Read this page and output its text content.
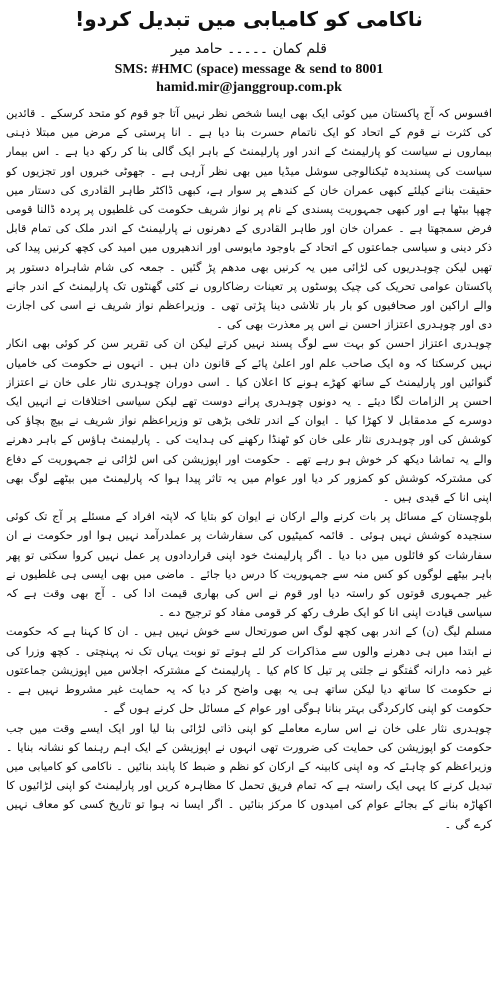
ناکامی کو کامیابی میں تبدیل کردو!
قلم کمان ۔۔۔۔۔ حامد میر
SMS: #HMC (space) message & send to 8001
hamid.mir@janggroup.com.pk

افسوس کہ آج پاکستان میں کوئی ایک بھی ایسا شخص نظر نہیں آتا جو قوم کو متحد کرسکے ۔ قائدین کی کثرت نے قوم کے اتحاد کو ایک ناتمام حسرت بنا دیا ہے ۔ انا پرستی کے مرض میں مبتلا ذہنی بیماروں نے سیاست کو پارلیمنٹ کے اندر اور پارلیمنٹ کے باہر ایک گالی بنا کر رکھ دیا ہے ۔ اس بیمار سیاست کی پسندیدہ ٹیکنالوجی سوشل میڈیا میں بھی نظر آرہی ہے ۔ جھوٹی خبروں اور تجزیوں کو حقیقت بنانے کیلئے کبھی عمران خان کے کندھے پر سوار ہے، کبھی ڈاکٹر طاہر القادری کی دستار میں چھپا بیٹھا ہے اور کبھی جمہوریت پسندی کے نام پر نواز شریف حکومت کی غلطیوں پر پردہ ڈالنا قومی فرض سمجھتا ہے ۔ عمران خان اور طاہر القادری کے دھرنوں نے پارلیمنٹ کے اندر ملک کی تمام قابل ذکر دینی و سیاسی جماعتوں کے اتحاد کے باوجود مایوسی اور اندھیروں میں امید کی کچھ کرنیں پیدا کی تھیں لیکن چوہدریوں کی لڑائی میں یہ کرنیں بھی مدھم پڑ گئیں ۔ جمعہ کی شام شاہراہ دستور پر پاکستان عوامی تحریک کی چیک پوسٹوں پر تعینات رضاکاروں نے کئی گھنٹوں تک پارلیمنٹ کے اندر جانے والے اراکین اور صحافیوں کو بار بار تلاشی دینا پڑتی تھی ۔ وزیراعظم نواز شریف نے اسی کی اجازت دی اور چوہدری اعتزاز احسن نے اس پر معذرت بھی کی ۔

چوہدری اعتزاز احسن کو بہت سے لوگ پسند نہیں کرتے لیکن ان کی تقریر سن کر کوئی بھی انکار نہیں کرسکتا کہ وہ ایک صاحب علم اور اعلیٰ پائے کے قانون دان ہیں ۔ انہوں نے حکومت کی خامیاں گنوائیں اور پارلیمنٹ کے ساتھ کھڑے ہونے کا اعلان کیا ۔ اسی دوران چوہدری نثار علی خان نے اعتزاز احسن پر الزامات لگا دیئے ۔ یہ دونوں چوہدری پرانے دوست تھے لیکن سیاسی اختلافات نے انہیں ایک دوسرے کے مدمقابل لا کھڑا کیا ۔ ایوان کے اندر تلخی بڑھی تو وزیراعظم نواز شریف نے بیچ بچاؤ کی کوشش کی اور چوہدری نثار علی خان کو ٹھنڈا رکھنے کی ہدایت کی ۔ پارلیمنٹ ہاؤس کے باہر دھرنے والے یہ تماشا دیکھ کر خوش ہو رہے تھے ۔ حکومت اور اپوزیشن کی اس لڑائی نے جمہوریت کے دفاع کی مشترکہ کوشش کو کمزور کر دیا اور عوام میں یہ تاثر پیدا ہوا کہ پارلیمنٹ میں بیٹھے لوگ بھی اپنی انا کے قیدی ہیں ۔

بلوچستان کے مسائل پر بات کرنے والے ارکان نے ایوان کو بتایا کہ لاپتہ افراد کے مسئلے پر آج تک کوئی سنجیدہ کوشش نہیں ہوئی ۔ قائمہ کمیٹیوں کی سفارشات پر عملدرآمد نہیں ہوا اور حکومت نے ان سفارشات کو فائلوں میں دبا دیا ۔ اگر پارلیمنٹ خود اپنی قراردادوں پر عمل نہیں کروا سکتی تو پھر باہر بیٹھے لوگوں کو کس منہ سے جمہوریت کا درس دیا جائے ۔ ماضی میں بھی ایسی ہی غلطیوں نے غیر جمہوری قوتوں کو راستہ دیا اور قوم نے اس کی بھاری قیمت ادا کی ۔ آج بھی وقت ہے کہ سیاسی قیادت اپنی انا کو ایک طرف رکھ کر قومی مفاد کو ترجیح دے ۔

مسلم لیگ (ن) کے اندر بھی کچھ لوگ اس صورتحال سے خوش نہیں ہیں ۔ ان کا کہنا ہے کہ حکومت نے ابتدا میں ہی دھرنے والوں سے مذاکرات کر لئے ہوتے تو نوبت یہاں تک نہ پہنچتی ۔ کچھ وزرا کی غیر ذمہ دارانہ گفتگو نے جلتی پر تیل کا کام کیا ۔ پارلیمنٹ کے مشترکہ اجلاس میں اپوزیشن جماعتوں نے حکومت کا ساتھ دیا لیکن ساتھ ہی یہ بھی واضح کر دیا کہ یہ حمایت غیر مشروط نہیں ہے ۔ حکومت کو اپنی کارکردگی بہتر بنانا ہوگی اور عوام کے مسائل حل کرنے ہوں گے ۔

چوہدری نثار علی خان نے اس سارے معاملے کو اپنی ذاتی لڑائی بنا لیا اور ایک ایسے وقت میں جب حکومت کو اپوزیشن کی حمایت کی ضرورت تھی انہوں نے اپوزیشن کے ایک اہم رہنما کو نشانہ بنایا ۔ وزیراعظم کو چاہئے کہ وہ اپنی کابینہ کے ارکان کو نظم و ضبط کا پابند بنائیں ۔ ناکامی کو کامیابی میں تبدیل کرنے کا یہی ایک راستہ ہے کہ تمام فریق تحمل کا مظاہرہ کریں اور پارلیمنٹ کو اپنی لڑائیوں کا اکھاڑہ بنانے کے بجائے عوام کی امیدوں کا مرکز بنائیں ۔ اگر ایسا نہ ہوا تو تاریخ کسی کو معاف نہیں کرے گی ۔
